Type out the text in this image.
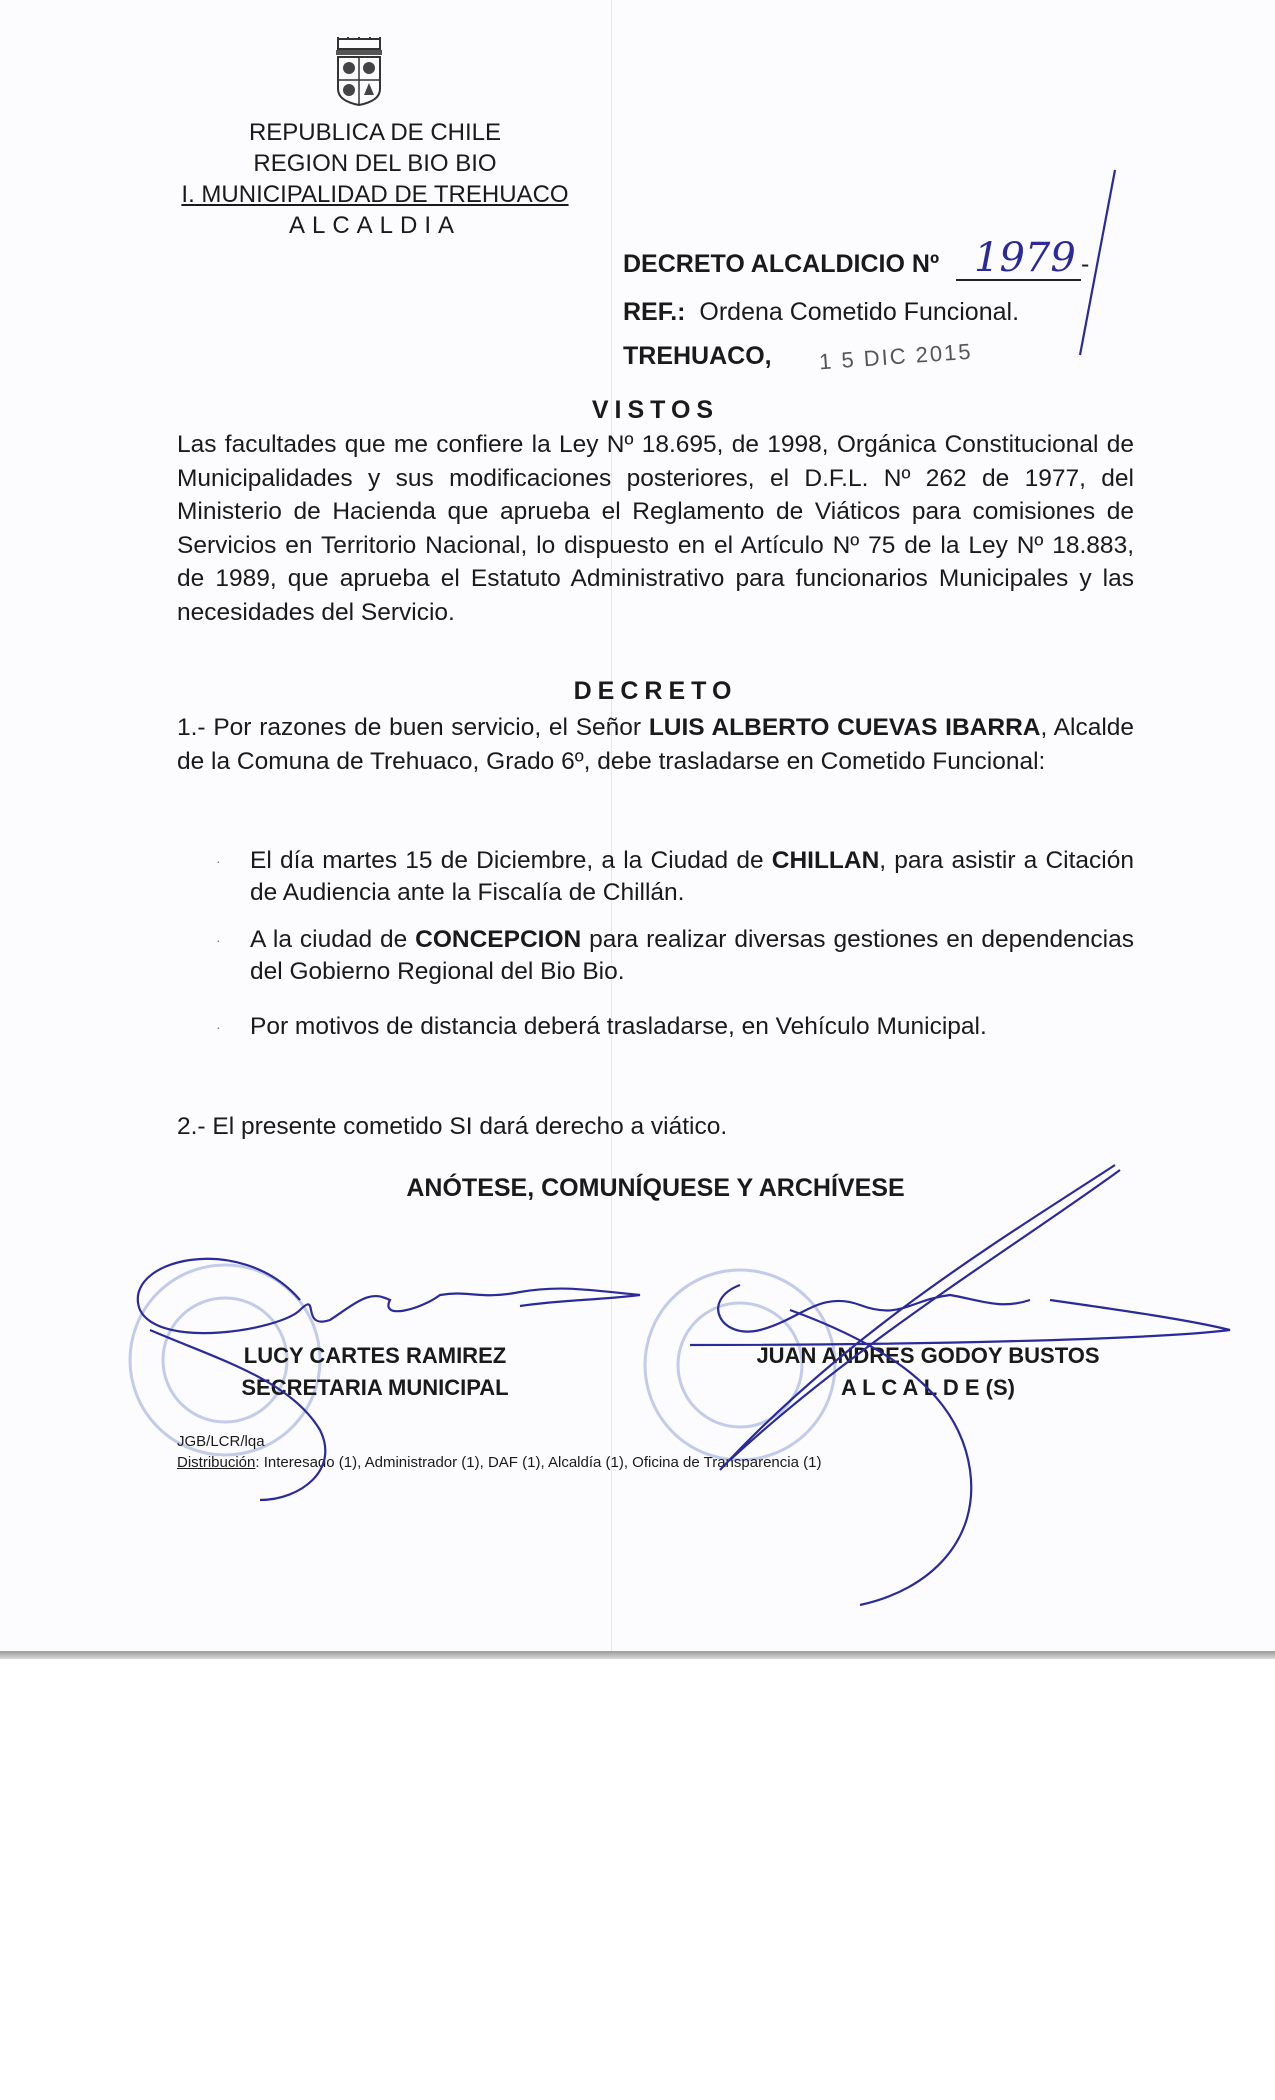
REPUBLICA DE CHILE
REGION DEL BIO BIO
I. MUNICIPALIDAD DE TREHUACO
ALCALDIA
DECRETO ALCALDICIO Nº 1979 -
REF.: Ordena Cometido Funcional.
TREHUACO, 1 5 DIC 2015
VISTOS
Las facultades que me confiere la Ley Nº 18.695, de 1998, Orgánica Constitucional de Municipalidades y sus modificaciones posteriores, el D.F.L. Nº 262 de 1977, del Ministerio de Hacienda que aprueba el Reglamento de Viáticos para comisiones de Servicios en Territorio Nacional, lo dispuesto en el Artículo Nº 75 de la Ley Nº 18.883, de 1989, que aprueba el Estatuto Administrativo para funcionarios Municipales y las necesidades del Servicio.
DECRETO
1.- Por razones de buen servicio, el Señor LUIS ALBERTO CUEVAS IBARRA, Alcalde de la Comuna de Trehuaco, Grado 6º, debe trasladarse en Cometido Funcional:
· El día martes 15 de Diciembre, a la Ciudad de CHILLAN, para asistir a Citación de Audiencia ante la Fiscalía de Chillán.
· A la ciudad de CONCEPCION para realizar diversas gestiones en dependencias del Gobierno Regional del Bio Bio.
· Por motivos de distancia deberá trasladarse, en Vehículo Municipal.
2.- El presente cometido SI dará derecho a viático.
ANÓTESE, COMUNÍQUESE Y ARCHÍVESE
LUCY CARTES RAMIREZ
SECRETARIA MUNICIPAL
JUAN ANDRES GODOY BUSTOS
A L C A L D E (S)
JGB/LCR/lqa
Distribución: Interesado (1), Administrador (1), DAF (1), Alcaldía (1), Oficina de Transparencia (1)
